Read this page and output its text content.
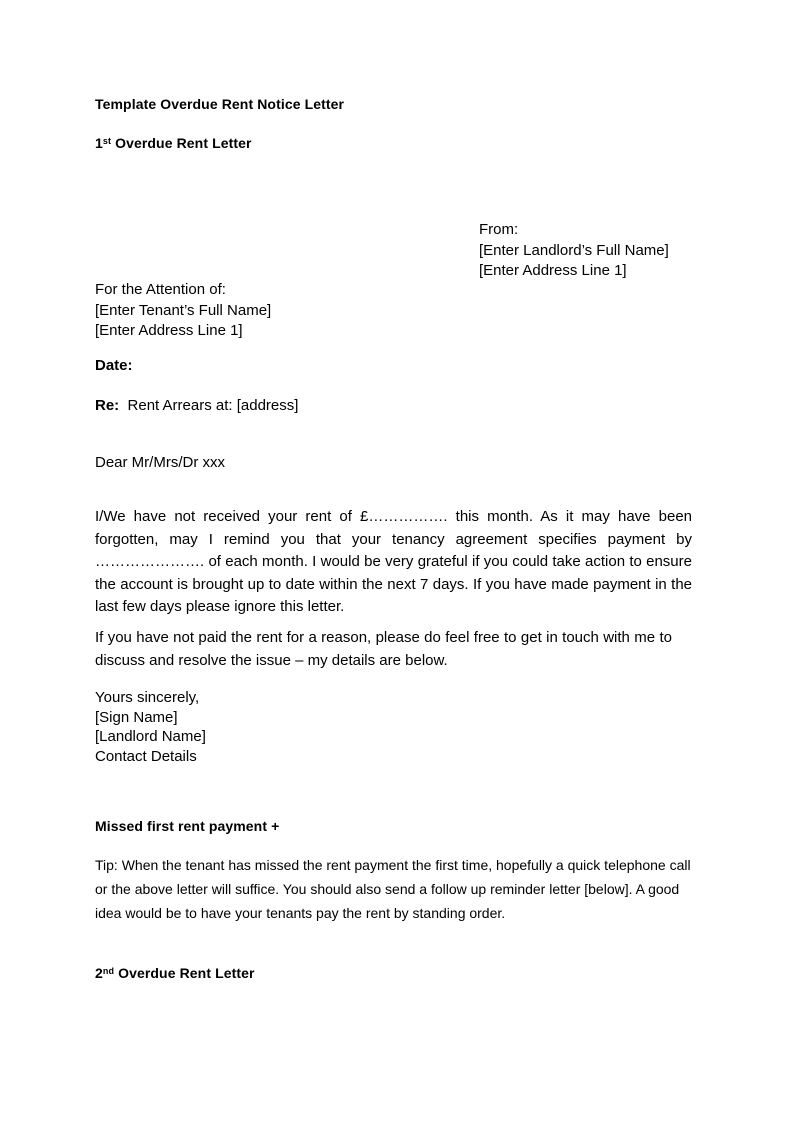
Template Overdue Rent Notice Letter
1st Overdue Rent Letter
From:
[Enter Landlord’s Full Name]
[Enter Address Line 1]
For the Attention of:
[Enter Tenant’s Full Name]
[Enter Address Line 1]
Date:
Re: Rent Arrears at: [address]
Dear Mr/Mrs/Dr xxx
I/We have not received your rent of £……………. this month. As it may have been forgotten, may I remind you that your tenancy agreement specifies payment by …………………. of each month. I would be very grateful if you could take action to ensure the account is brought up to date within the next 7 days. If you have made payment in the last few days please ignore this letter.
If you have not paid the rent for a reason, please do feel free to get in touch with me to discuss and resolve the issue – my details are below.
Yours sincerely,
[Sign Name]
[Landlord Name]
Contact Details
Missed first rent payment +
Tip: When the tenant has missed the rent payment the first time, hopefully a quick telephone call or the above letter will suffice. You should also send a follow up reminder letter [below]. A good idea would be to have your tenants pay the rent by standing order.
2nd Overdue Rent Letter
